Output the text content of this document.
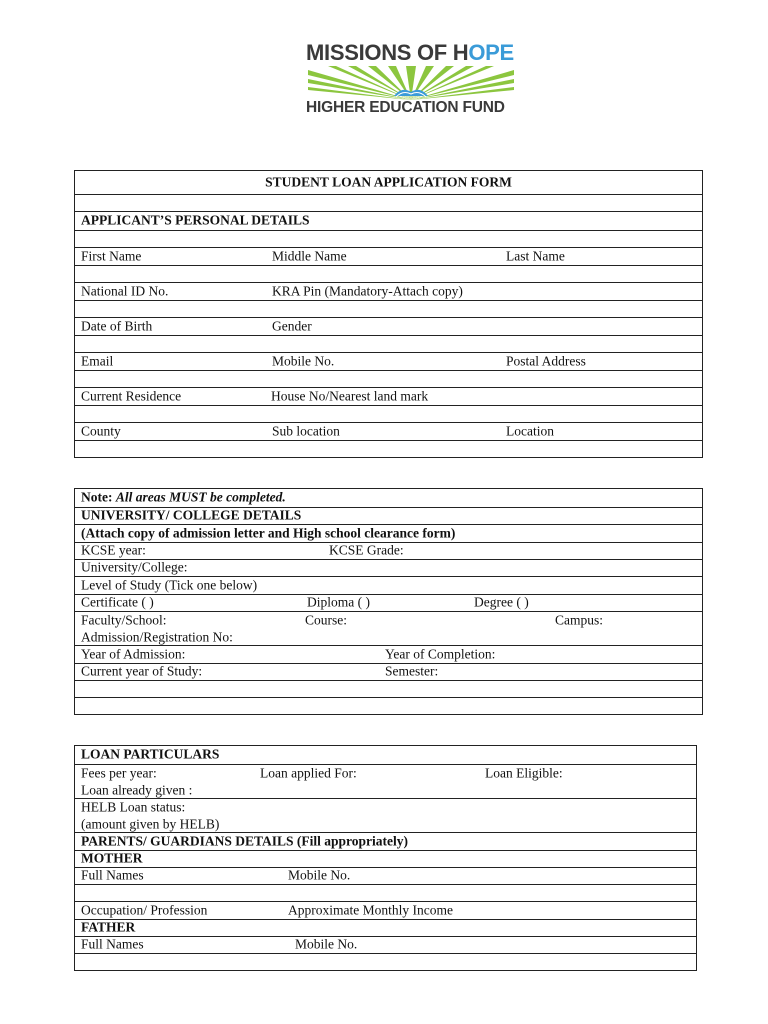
MISSIONS OF HOPE
HIGHER EDUCATION FUND
STUDENT LOAN APPLICATION FORM
APPLICANT’S PERSONAL DETAILS
First Name	Middle Name	Last Name
National ID No.	KRA Pin (Mandatory-Attach copy)
Date of Birth	Gender
Email	Mobile No.	Postal Address
Current Residence	House No/Nearest land mark
County	Sub location	Location
Note: All areas MUST be completed.
UNIVERSITY/ COLLEGE DETAILS
(Attach copy of admission letter and High school clearance form)
KCSE year:	KCSE Grade:
University/College:
Level of Study (Tick one below)
Certificate ( )	Diploma ( )	Degree ( )
Faculty/School:	Course:	Campus:
Admission/Registration No:
Year of Admission:	Year of Completion:
Current year of Study:	Semester:
LOAN PARTICULARS
Fees per year:	Loan applied For:	Loan Eligible:
Loan already given :
HELB Loan status:
(amount given by HELB)
PARENTS/ GUARDIANS DETAILS (Fill appropriately)
MOTHER
Full Names	Mobile No.
Occupation/ Profession	Approximate Monthly Income
FATHER
Full Names	Mobile No.
